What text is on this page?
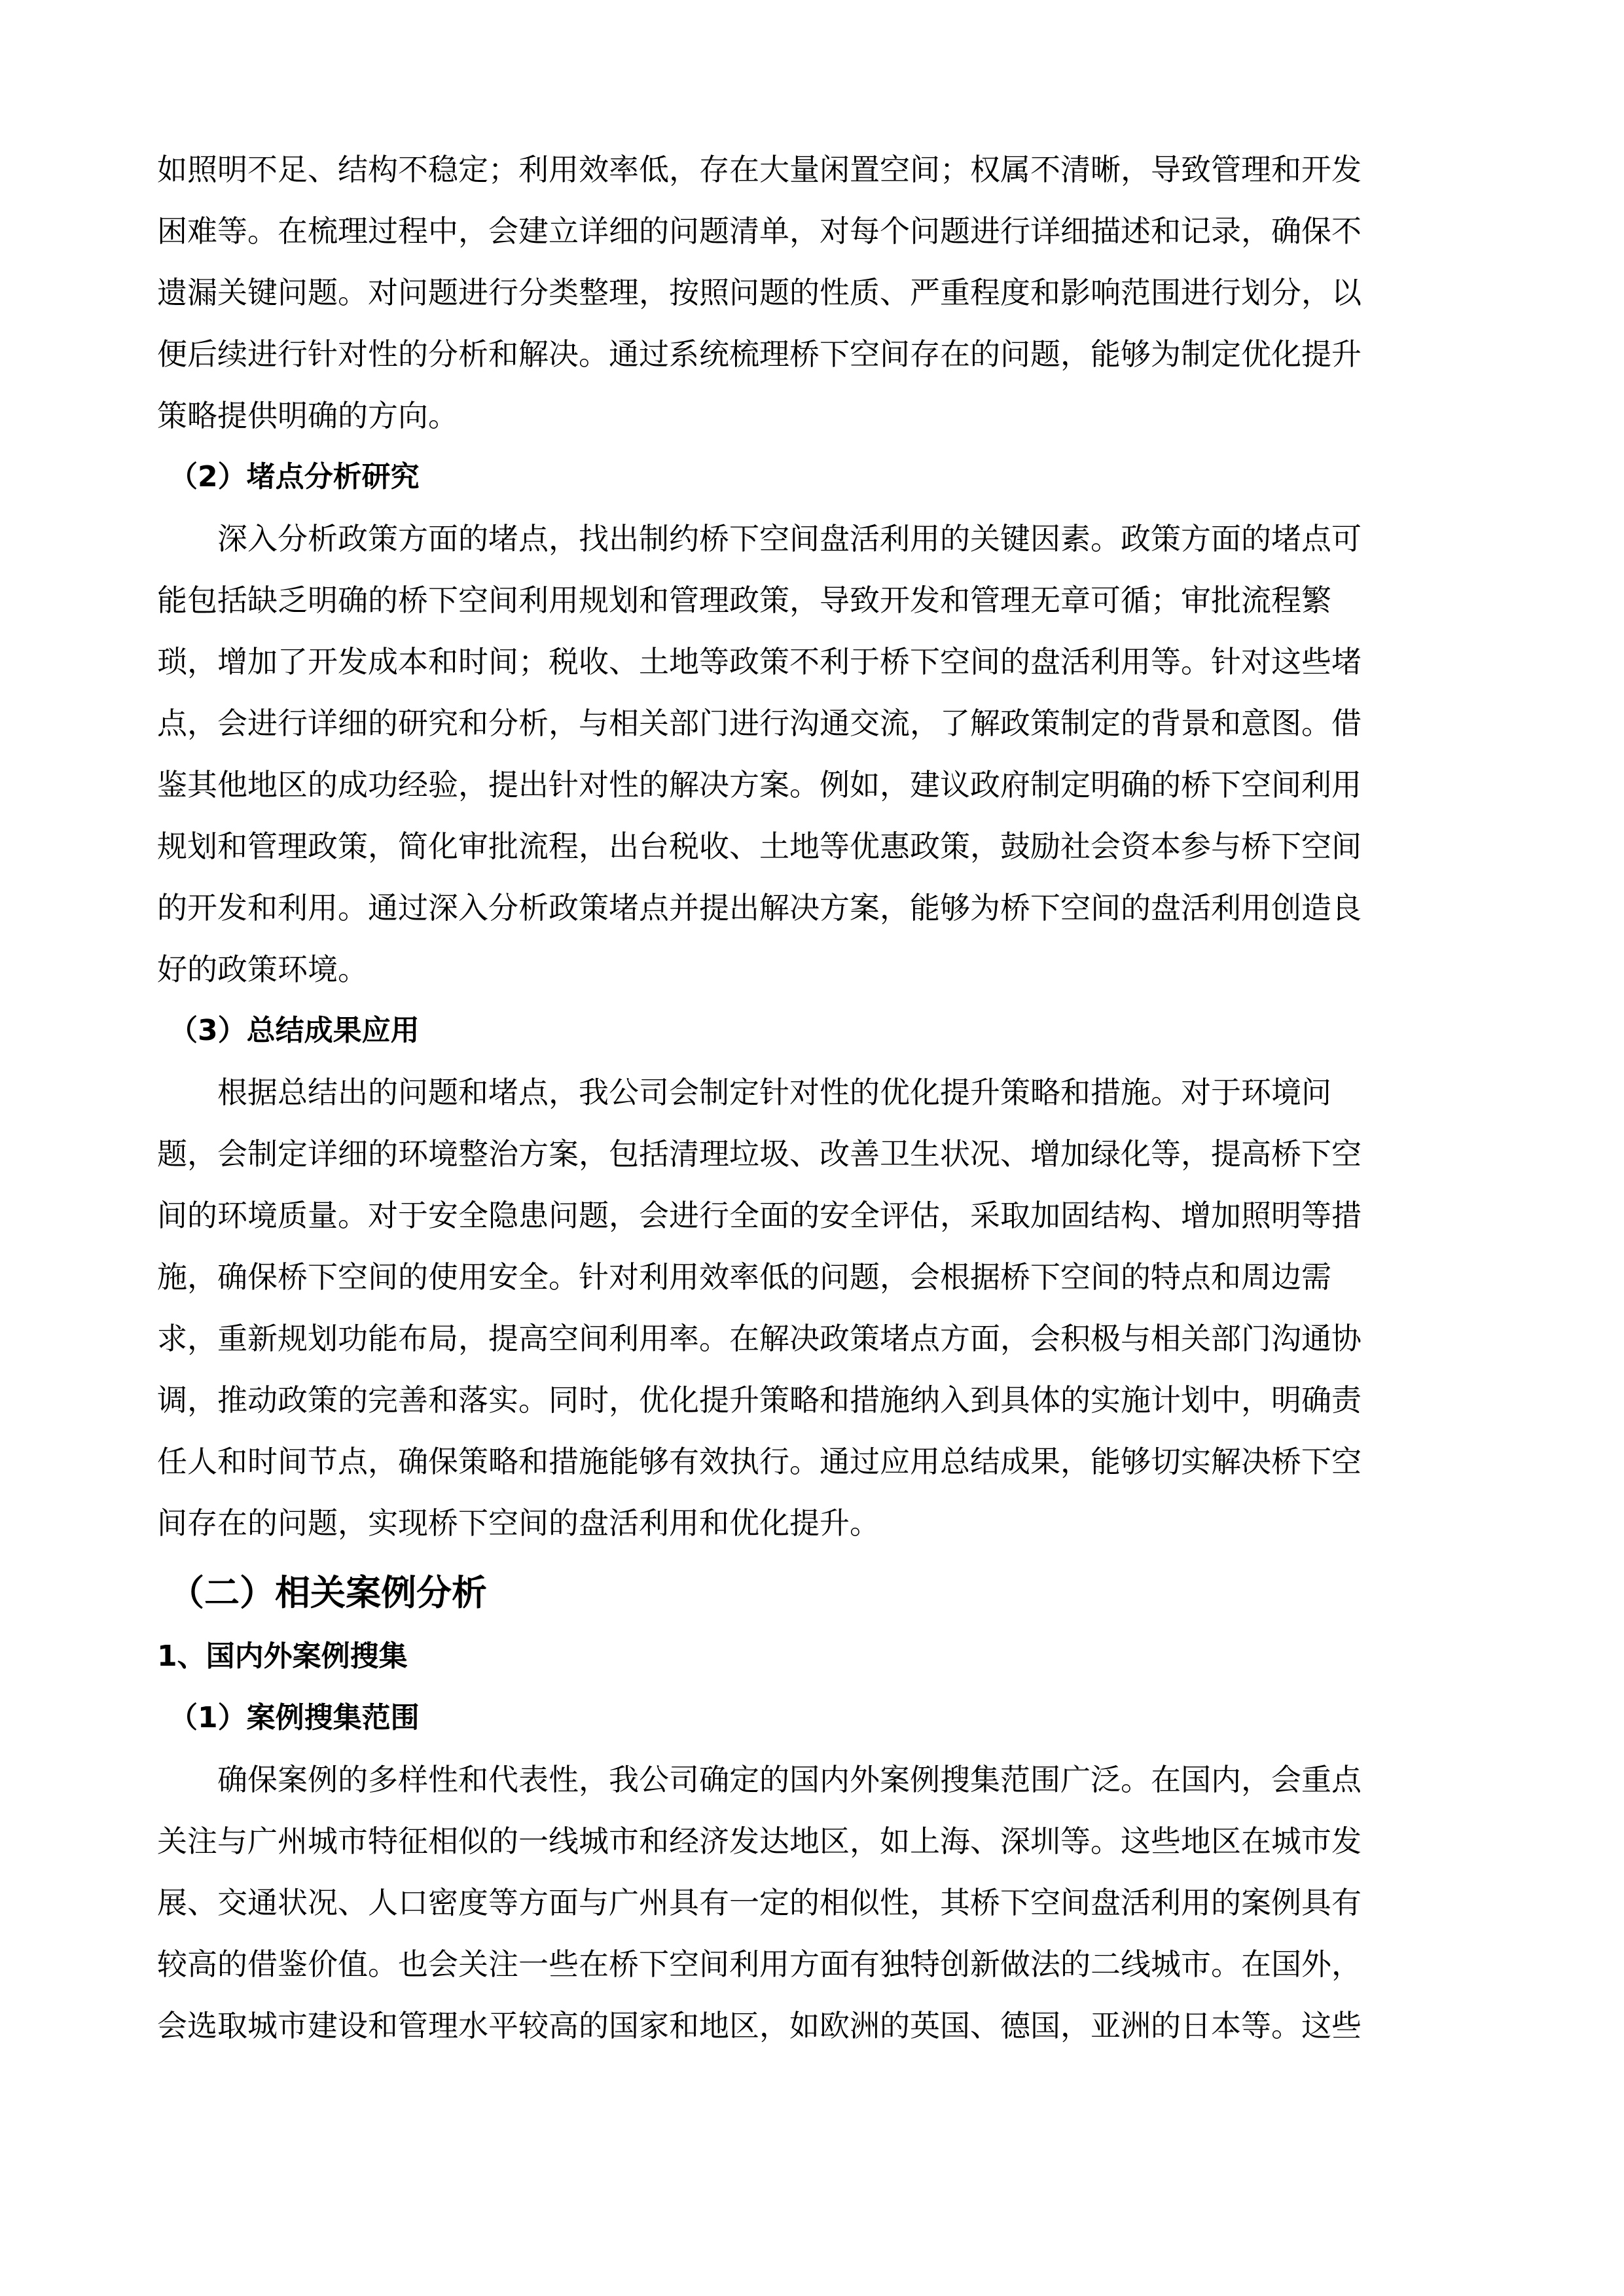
如照明不足、结构不稳定；利用效率低，存在大量闲置空间；权属不清晰，导致管理和开发
困难等。在梳理过程中，会建立详细的问题清单，对每个问题进行详细描述和记录，确保不
遗漏关键问题。对问题进行分类整理，按照问题的性质、严重程度和影响范围进行划分，以
便后续进行针对性的分析和解决。通过系统梳理桥下空间存在的问题，能够为制定优化提升
策略提供明确的方向。
（2）堵点分析研究
深入分析政策方面的堵点，找出制约桥下空间盘活利用的关键因素。政策方面的堵点可
能包括缺乏明确的桥下空间利用规划和管理政策，导致开发和管理无章可循；审批流程繁
琐，增加了开发成本和时间；税收、土地等政策不利于桥下空间的盘活利用等。针对这些堵
点，会进行详细的研究和分析，与相关部门进行沟通交流，了解政策制定的背景和意图。借
鉴其他地区的成功经验，提出针对性的解决方案。例如，建议政府制定明确的桥下空间利用
规划和管理政策，简化审批流程，出台税收、土地等优惠政策，鼓励社会资本参与桥下空间
的开发和利用。通过深入分析政策堵点并提出解决方案，能够为桥下空间的盘活利用创造良
好的政策环境。
（3）总结成果应用
根据总结出的问题和堵点，我公司会制定针对性的优化提升策略和措施。对于环境问
题，会制定详细的环境整治方案，包括清理垃圾、改善卫生状况、增加绿化等，提高桥下空
间的环境质量。对于安全隐患问题，会进行全面的安全评估，采取加固结构、增加照明等措
施，确保桥下空间的使用安全。针对利用效率低的问题，会根据桥下空间的特点和周边需
求，重新规划功能布局，提高空间利用率。在解决政策堵点方面，会积极与相关部门沟通协
调，推动政策的完善和落实。同时，优化提升策略和措施纳入到具体的实施计划中，明确责
任人和时间节点，确保策略和措施能够有效执行。通过应用总结成果，能够切实解决桥下空
间存在的问题，实现桥下空间的盘活利用和优化提升。
（二）相关案例分析
1、国内外案例搜集
（1）案例搜集范围
确保案例的多样性和代表性，我公司确定的国内外案例搜集范围广泛。在国内，会重点
关注与广州城市特征相似的一线城市和经济发达地区，如上海、深圳等。这些地区在城市发
展、交通状况、人口密度等方面与广州具有一定的相似性，其桥下空间盘活利用的案例具有
较高的借鉴价值。也会关注一些在桥下空间利用方面有独特创新做法的二线城市。在国外，
会选取城市建设和管理水平较高的国家和地区，如欧洲的英国、德国，亚洲的日本等。这些
